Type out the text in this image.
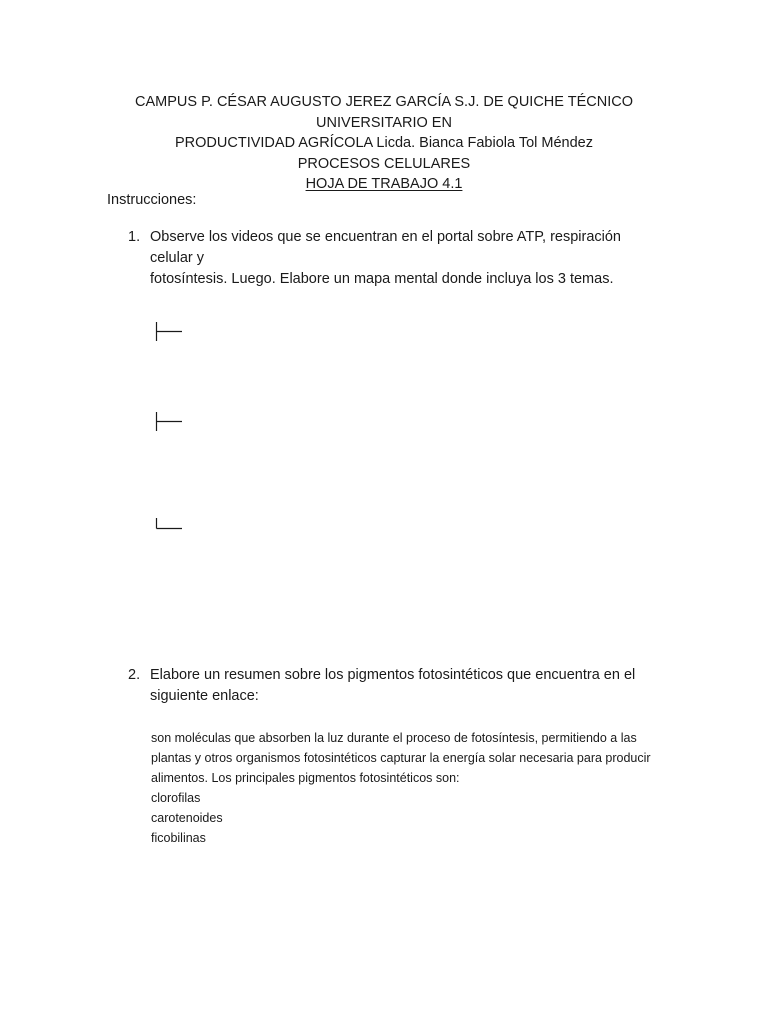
CAMPUS P. CÉSAR AUGUSTO JEREZ GARCÍA S.J. DE QUICHE TÉCNICO UNIVERSITARIO EN
PRODUCTIVIDAD AGRÍCOLA Licda. Bianca Fabiola Tol Méndez
PROCESOS CELULARES
HOJA DE TRABAJO 4.1
Instrucciones:
1. Observe los videos que se encuentran en el portal sobre ATP, respiración celular y
fotosíntesis. Luego. Elabore un mapa mental donde incluya los 3 temas.
2. Elabore un resumen sobre los pigmentos fotosintéticos que encuentra en el
siguiente enlace:
son moléculas que absorben la luz durante el proceso de fotosíntesis, permitiendo a las
plantas y otros organismos fotosintéticos capturar la energía solar necesaria para producir
alimentos. Los principales pigmentos fotosintéticos son:
clorofilas
carotenoides
ficobilinas
